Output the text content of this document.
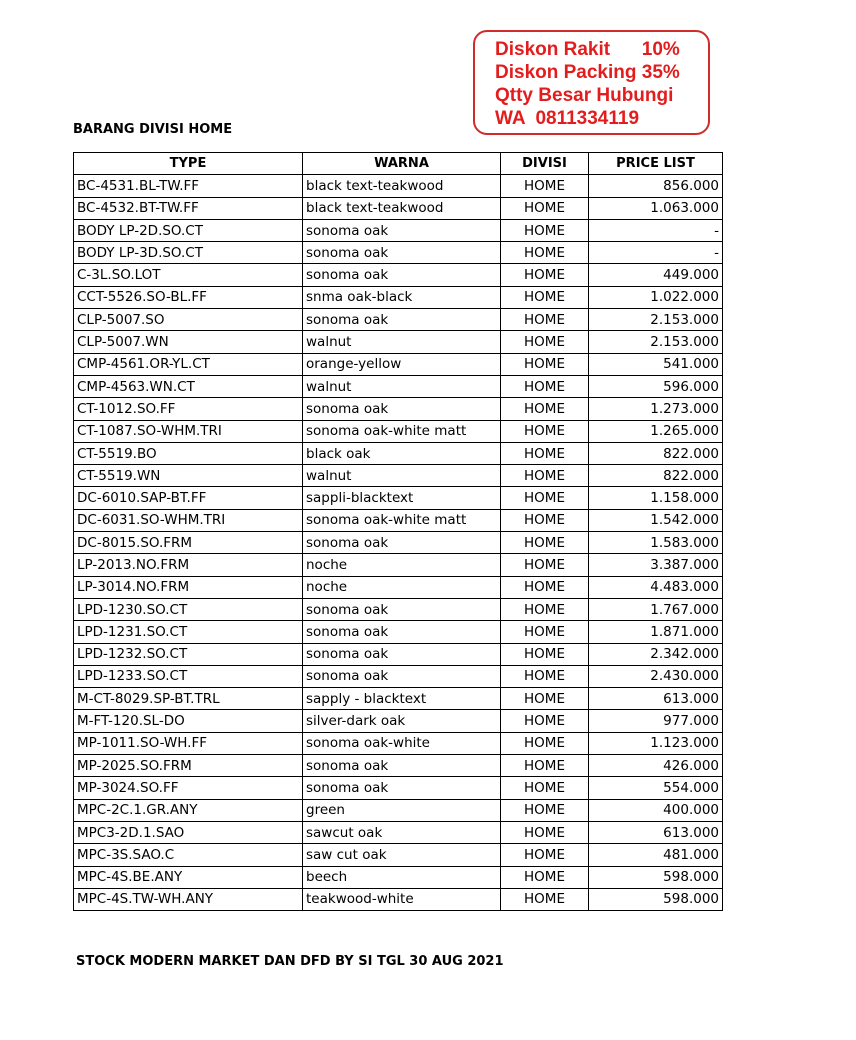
Diskon Rakit      10%
Diskon Packing 35%
Qtty Besar Hubungi
WA  0811334119
BARANG DIVISI HOME
TYPE	WARNA	DIVISI	PRICE LIST
BC-4531.BL-TW.FF	black text-teakwood	HOME	856.000
BC-4532.BT-TW.FF	black text-teakwood	HOME	1.063.000
BODY LP-2D.SO.CT	sonoma oak	HOME	-
BODY LP-3D.SO.CT	sonoma oak	HOME	-
C-3L.SO.LOT	sonoma oak	HOME	449.000
CCT-5526.SO-BL.FF	snma oak-black	HOME	1.022.000
CLP-5007.SO	sonoma oak	HOME	2.153.000
CLP-5007.WN	walnut	HOME	2.153.000
CMP-4561.OR-YL.CT	orange-yellow	HOME	541.000
CMP-4563.WN.CT	walnut	HOME	596.000
CT-1012.SO.FF	sonoma oak	HOME	1.273.000
CT-1087.SO-WHM.TRI	sonoma oak-white matt	HOME	1.265.000
CT-5519.BO	black oak	HOME	822.000
CT-5519.WN	walnut	HOME	822.000
DC-6010.SAP-BT.FF	sappli-blacktext	HOME	1.158.000
DC-6031.SO-WHM.TRI	sonoma oak-white matt	HOME	1.542.000
DC-8015.SO.FRM	sonoma oak	HOME	1.583.000
LP-2013.NO.FRM	noche	HOME	3.387.000
LP-3014.NO.FRM	noche	HOME	4.483.000
LPD-1230.SO.CT	sonoma oak	HOME	1.767.000
LPD-1231.SO.CT	sonoma oak	HOME	1.871.000
LPD-1232.SO.CT	sonoma oak	HOME	2.342.000
LPD-1233.SO.CT	sonoma oak	HOME	2.430.000
M-CT-8029.SP-BT.TRL	sapply - blacktext	HOME	613.000
M-FT-120.SL-DO	silver-dark oak	HOME	977.000
MP-1011.SO-WH.FF	sonoma oak-white	HOME	1.123.000
MP-2025.SO.FRM	sonoma oak	HOME	426.000
MP-3024.SO.FF	sonoma oak	HOME	554.000
MPC-2C.1.GR.ANY	green	HOME	400.000
MPC3-2D.1.SAO	sawcut oak	HOME	613.000
MPC-3S.SAO.C	saw cut oak	HOME	481.000
MPC-4S.BE.ANY	beech	HOME	598.000
MPC-4S.TW-WH.ANY	teakwood-white	HOME	598.000
STOCK MODERN MARKET DAN DFD BY SI TGL 30 AUG 2021
